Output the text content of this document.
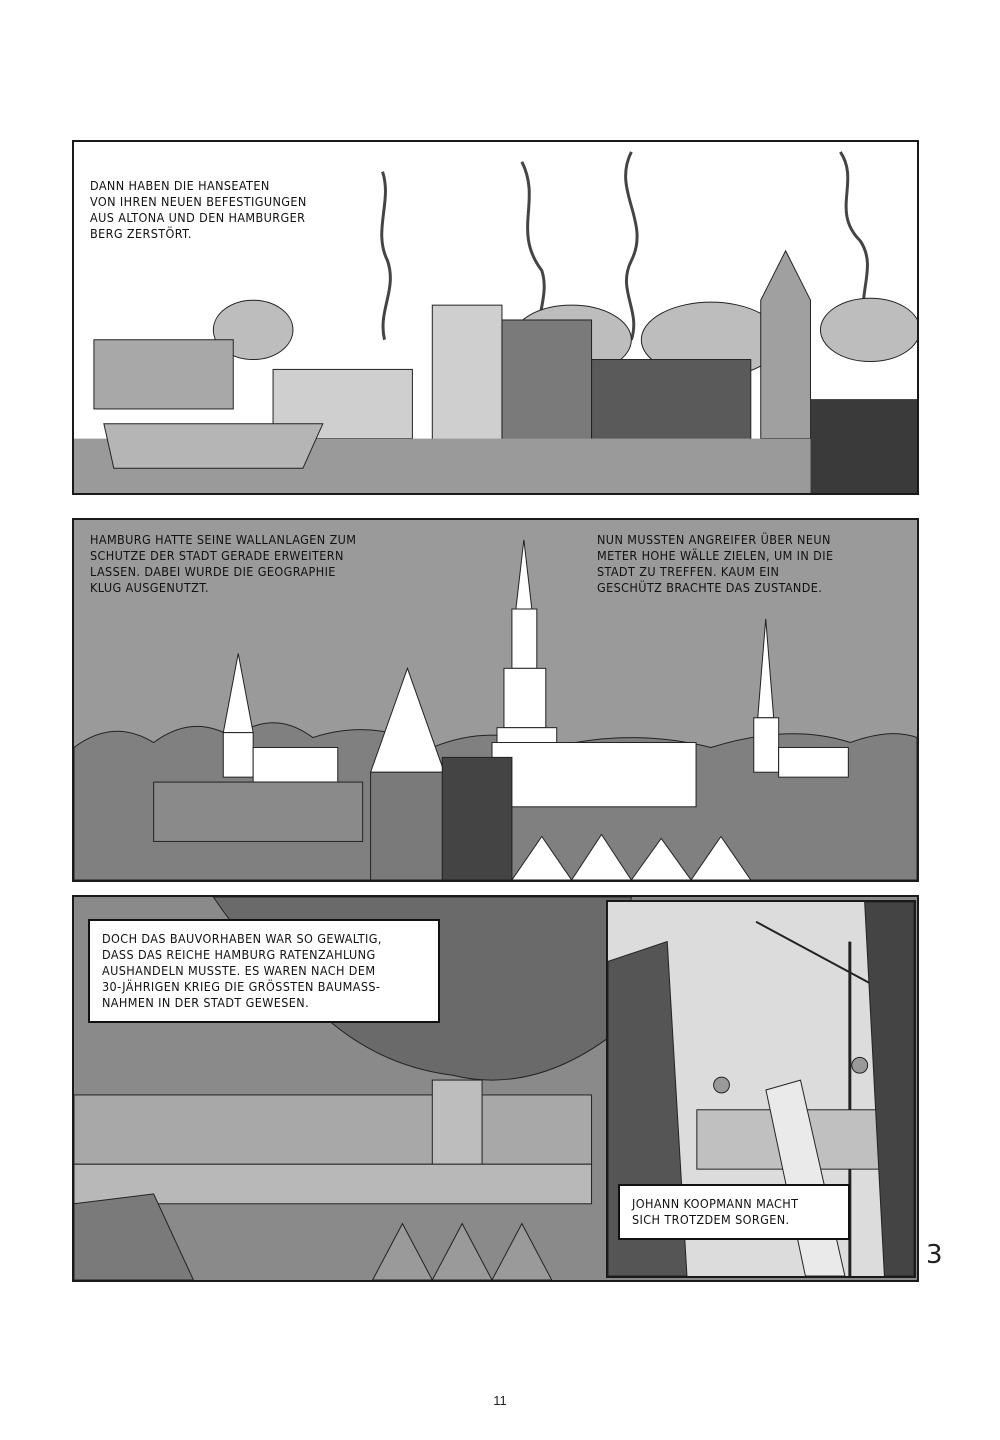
DANN HABEN DIE HANSEATEN
VON IHREN NEUEN BEFESTIGUNGEN
AUS ALTONA UND DEN HAMBURGER
BERG ZERSTÖRT.
HAMBURG HATTE SEINE WALLANLAGEN ZUM
SCHUTZE DER STADT GERADE ERWEITERN
LASSEN. DABEI WURDE DIE GEOGRAPHIE
KLUG AUSGENUTZT.
NUN MUSSTEN ANGREIFER ÜBER NEUN
METER HOHE WÄLLE ZIELEN, UM IN DIE
STADT ZU TREFFEN. KAUM EIN
GESCHÜTZ BRACHTE DAS ZUSTANDE.
DOCH DAS BAUVORHABEN WAR SO GEWALTIG,
DASS DAS REICHE HAMBURG RATENZAHLUNG
AUSHANDELN MUSSTE. ES WAREN NACH DEM
30-JÄHRIGEN KRIEG DIE GRÖSSTEN BAUMASS-
NAHMEN IN DER STADT GEWESEN.
JOHANN KOOPMANN MACHT
SICH TROTZDEM SORGEN.
3
11
